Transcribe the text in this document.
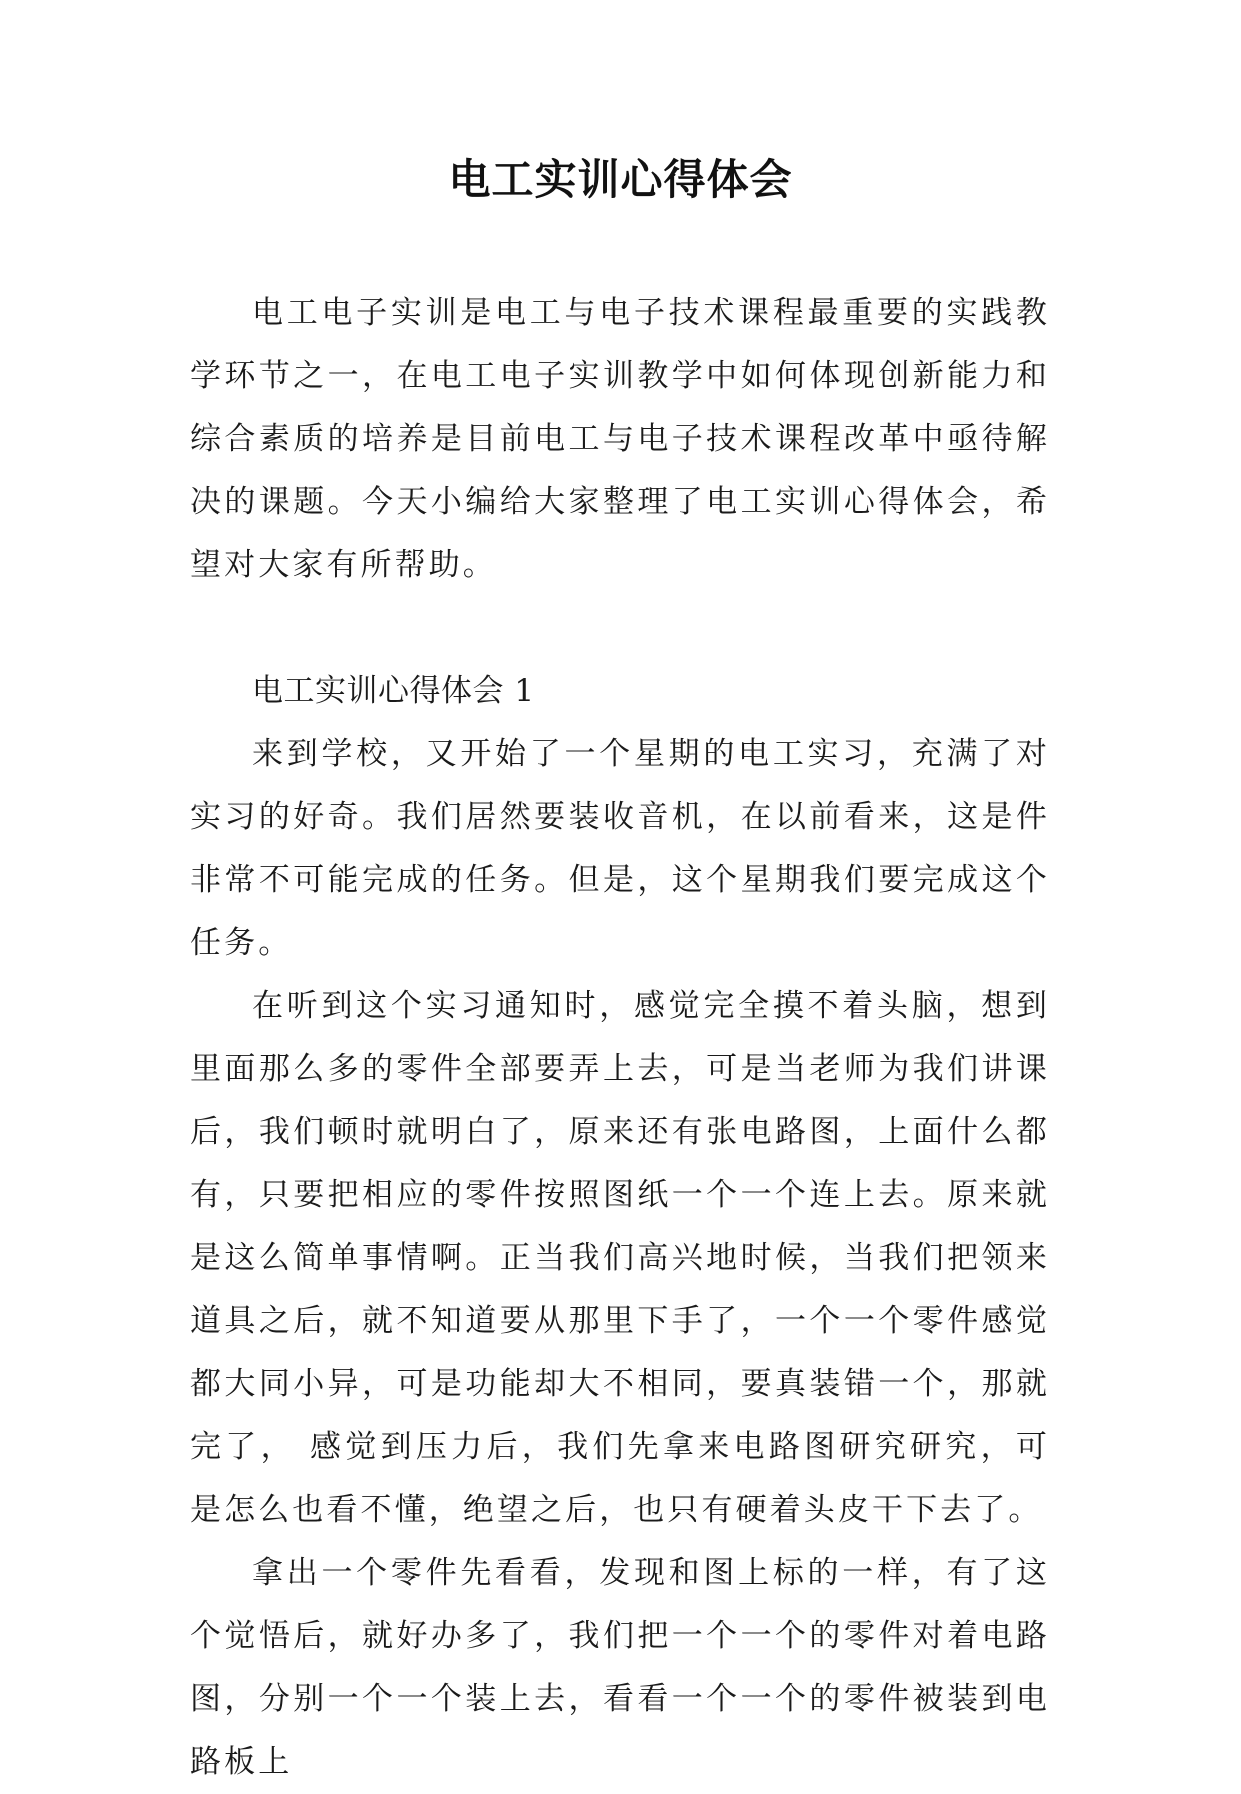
电工实训心得体会

电工电子实训是电工与电子技术课程最重要的实践教学环节之一，在电工电子实训教学中如何体现创新能力和综合素质的培养是目前电工与电子技术课程改革中亟待解决的课题。今天小编给大家整理了电工实训心得体会，希望对大家有所帮助。

电工实训心得体会 1

来到学校，又开始了一个星期的电工实习，充满了对实习的好奇。我们居然要装收音机，在以前看来，这是件非常不可能完成的任务。但是，这个星期我们要完成这个任务。

在听到这个实习通知时，感觉完全摸不着头脑，想到里面那么多的零件全部要弄上去，可是当老师为我们讲课后，我们顿时就明白了，原来还有张电路图，上面什么都有，只要把相应的零件按照图纸一个一个连上去。原来就是这么简单事情啊。正当我们高兴地时候，当我们把领来道具之后，就不知道要从那里下手了，一个一个零件感觉都大同小异，可是功能却大不相同，要真装错一个，那就完了， 感觉到压力后，我们先拿来电路图研究研究，可是怎么也看不懂，绝望之后，也只有硬着头皮干下去了。

拿出一个零件先看看，发现和图上标的一样，有了这个觉悟后，就好办多了，我们把一个一个的零件对着电路图，分别一个一个装上去，看看一个一个的零件被装到电路板上
